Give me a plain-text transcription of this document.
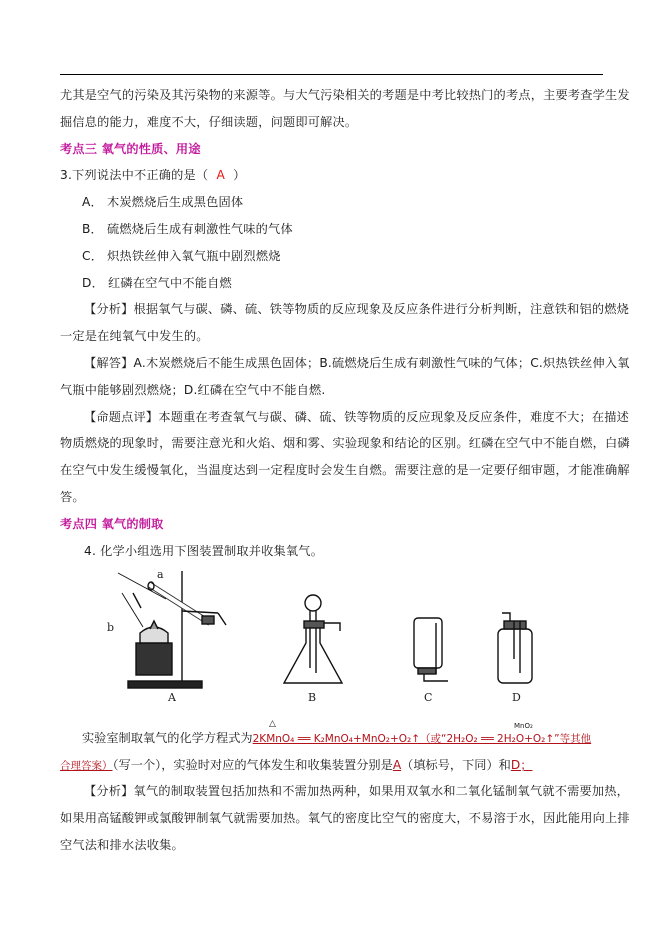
尤其是空气的污染及其污染物的来源等。与大气污染相关的考题是中考比较热门的考点，主要考查学生发

掘信息的能力，难度不大，仔细读题，问题即可解决。

考点三 氧气的性质、用途

3.下列说法中不正确的是（ A ）

A． 木炭燃烧后生成黑色固体

B． 硫燃烧后生成有刺激性气味的气体

C． 炽热铁丝伸入氧气瓶中剧烈燃烧

D． 红磷在空气中不能自燃

【分析】根据氧气与碳、磷、硫、铁等物质的反应现象及反应条件进行分析判断，注意铁和铝的燃烧

一定是在纯氧气中发生的。

【解答】A.木炭燃烧后不能生成黑色固体；B.硫燃烧后生成有刺激性气味的气体；C.炽热铁丝伸入氧

气瓶中能够剧烈燃烧；D.红磷在空气中不能自燃.

【命题点评】本题重在考查氧气与碳、磷、硫、铁等物质的反应现象及反应条件，难度不大；在描述

物质燃烧的现象时，需要注意光和火焰、烟和雾、实验现象和结论的区别。红磷在空气中不能自燃，白磷

在空气中发生缓慢氧化，当温度达到一定程度时会发生自燃。需要注意的是一定要仔细审题，才能准确解

答。

考点四 氧气的制取

4. 化学小组选用下图装置制取并收集氧气。

a
b
A	B	C	D
实验室制取氧气的化学方程式为2KMnO₄ ══ K₂MnO₄+MnO₂+O₂↑（或“2H₂O₂ ══ 2H₂O+O₂↑”等其他
△	MnO₂
合理答案）（写一个），实验时对应的气体发生和收集装置分别是A（填标号，下同）和D；

【分析】氧气的制取装置包括加热和不需加热两种，如果用双氧水和二氧化锰制氧气就不需要加热，

如果用高锰酸钾或氯酸钾制氧气就需要加热。氧气的密度比空气的密度大，不易溶于水，因此能用向上排

空气法和排水法收集。
